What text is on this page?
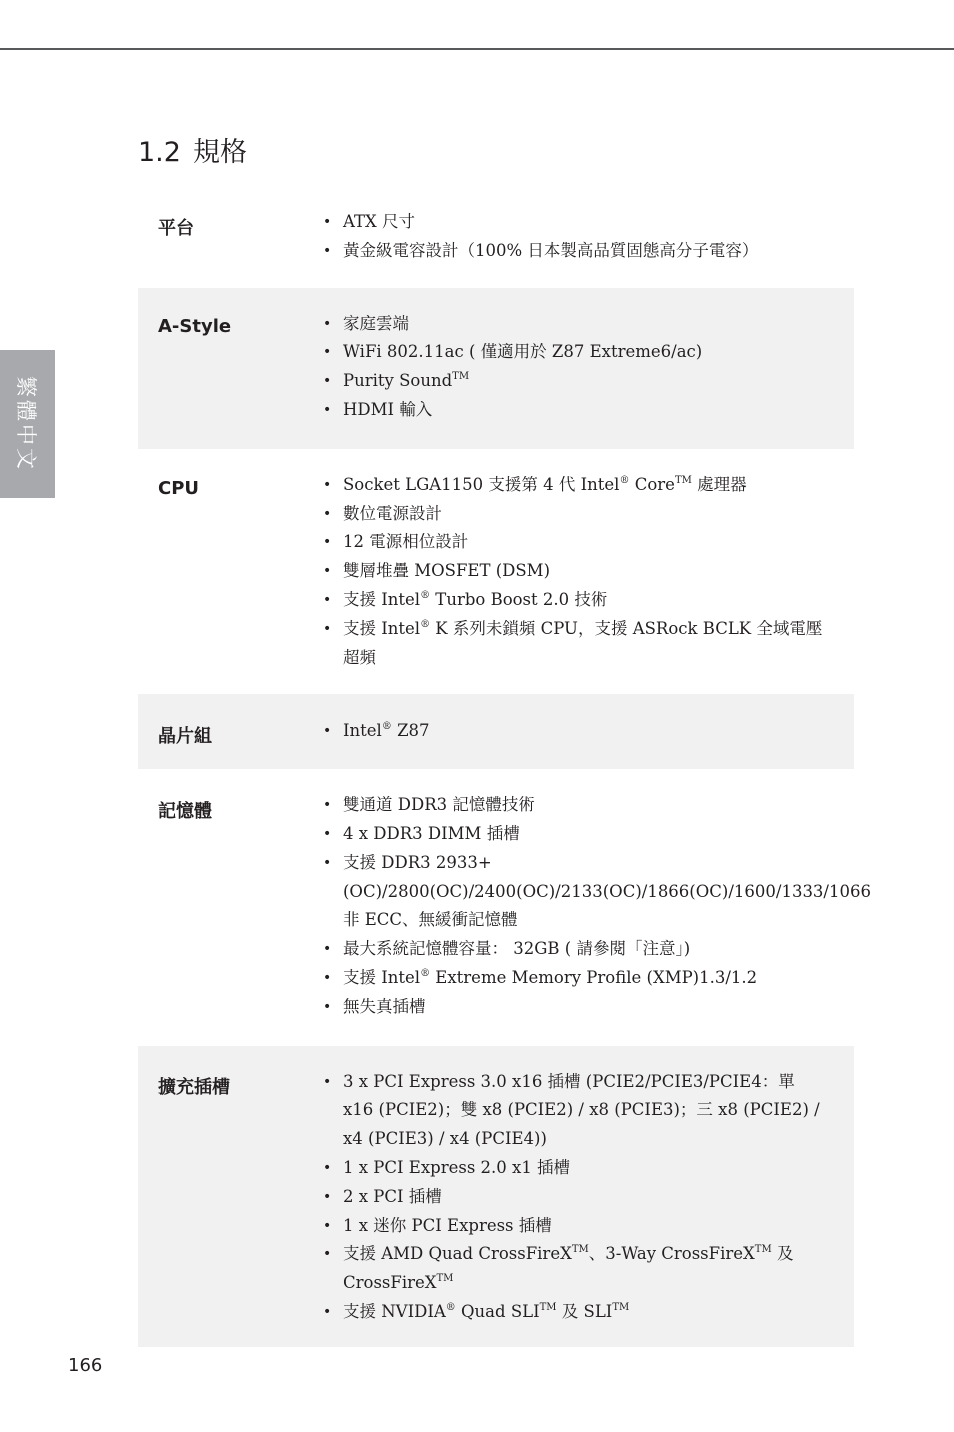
繁體中文
1.2 規格
平台	• ATX 尺寸
• 黃金級電容設計（100% 日本製高品質固態高分子電容）
A-Style	• 家庭雲端
• WiFi 802.11ac ( 僅適用於 Z87 Extreme6/ac)
• Purity Sound™
• HDMI 輸入
CPU	• Socket LGA1150 支援第 4 代 Intel® Core™ 處理器
• 數位電源設計
• 12 電源相位設計
• 雙層堆疊 MOSFET (DSM)
• 支援 Intel® Turbo Boost 2.0 技術
• 支援 Intel® K 系列未鎖頻 CPU，支援 ASRock BCLK 全域電壓超頻
晶片組	• Intel® Z87
記憶體	• 雙通道 DDR3 記憶體技術
• 4 x DDR3 DIMM 插槽
• 支援 DDR3 2933+(OC)/2800(OC)/2400(OC)/2133(OC)/1866(OC)/1600/1333/1066 非 ECC、無緩衝記憶體
• 最大系統記憶體容量： 32GB ( 請參閱「注意」)
• 支援 Intel® Extreme Memory Profile (XMP)1.3/1.2
• 無失真插槽
擴充插槽	• 3 x PCI Express 3.0 x16 插槽 (PCIE2/PCIE3/PCIE4：單 x16 (PCIE2)；雙 x8 (PCIE2) / x8 (PCIE3)；三 x8 (PCIE2) / x4 (PCIE3) / x4 (PCIE4))
• 1 x PCI Express 2.0 x1 插槽
• 2 x PCI 插槽
• 1 x 迷你 PCI Express 插槽
• 支援 AMD Quad CrossFireX™、3-Way CrossFireX™ 及 CrossFireX™
• 支援 NVIDIA® Quad SLI™ 及 SLI™
166
